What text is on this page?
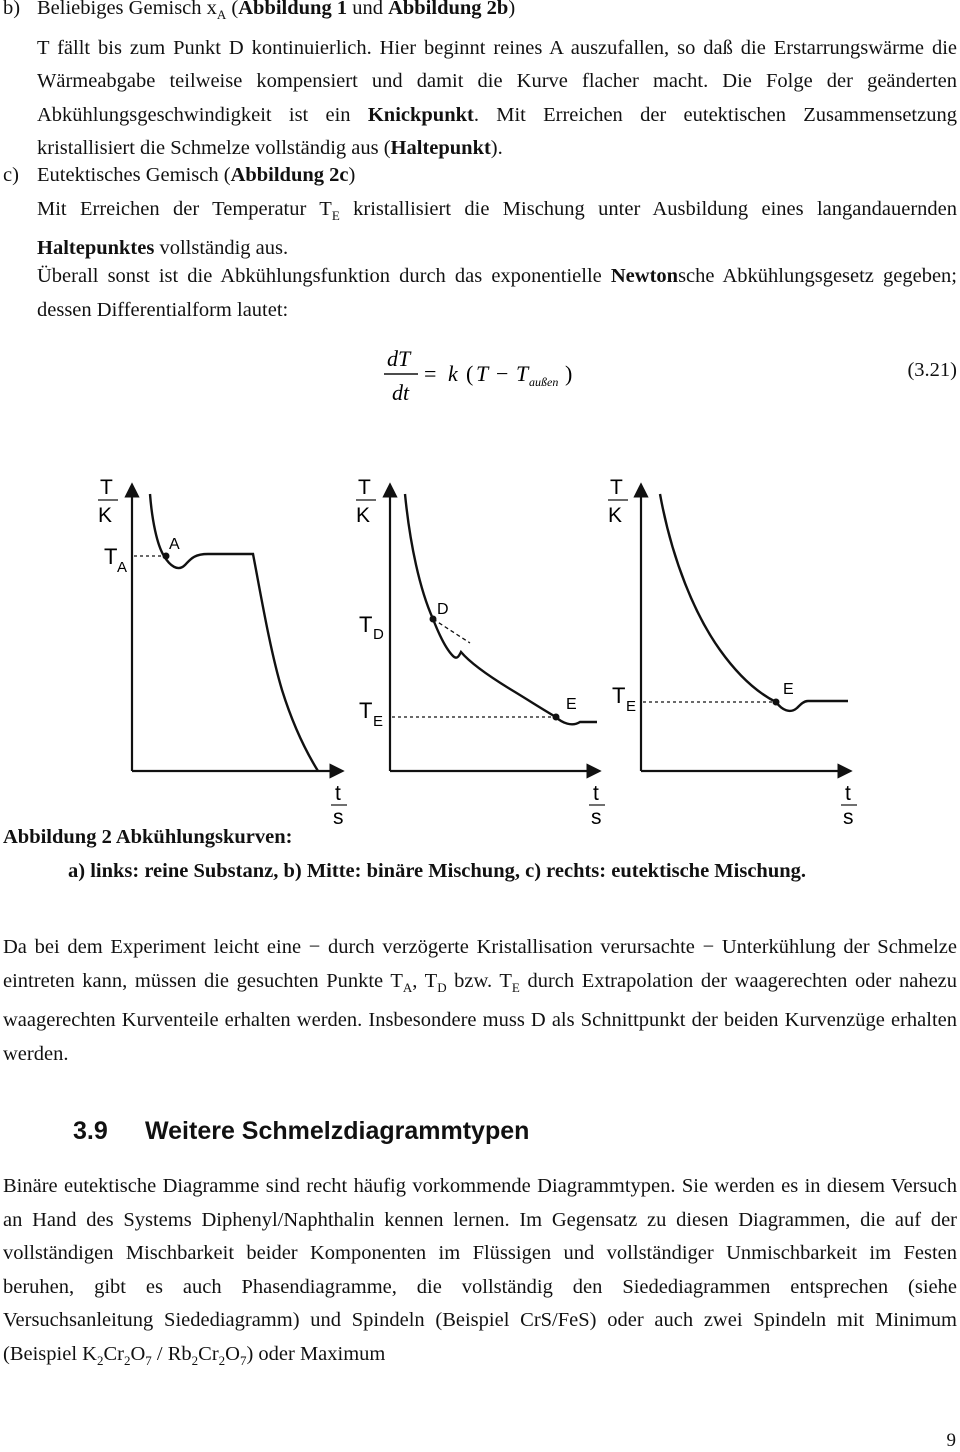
b) Beliebiges Gemisch $x_A$ (Abbildung 1 und Abbildung 2b)

T fällt bis zum Punkt D kontinuierlich. Hier beginnt reines A auszufallen, so daß die Erstarrungswärme die Wärmeabgabe teilweise kompensiert und damit die Kurve flacher macht. Die Folge der geänderten Abkühlungsgeschwindigkeit ist ein Knickpunkt. Mit Erreichen der eutektischen Zusammensetzung kristallisiert die Schmelze vollständig aus (Haltepunkt).

c) Eutektisches Gemisch (Abbildung 2c)

Mit Erreichen der Temperatur $T_E$ kristallisiert die Mischung unter Ausbildung eines langandauernden Haltepunktes vollständig aus.

Überall sonst ist die Abkühlungsfunktion durch das exponentielle Newtonsche Abkühlungsgesetz gegeben; dessen Differentialform lautet:

dT
dt
= k ( T − T außen )	(3.21)
T
K
T A
A
t
s
T
K
T D
T E
D
E
t
s
T
K
T E
E
t
s
Abbildung 2 Abkühlungskurven:
a) links: reine Substanz, b) Mitte: binäre Mischung, c) rechts: eutektische Mischung.

Da bei dem Experiment leicht eine − durch verzögerte Kristallisation verursachte − Unterkühlung der Schmelze eintreten kann, müssen die gesuchten Punkte $T_A$, $T_D$ bzw. $T_E$ durch Extrapolation der waagerechten oder nahezu waagerechten Kurventeile erhalten werden. Insbesondere muss D als Schnittpunkt der beiden Kurvenzüge erhalten werden.

3.9 Weitere Schmelzdiagrammtypen

Binäre eutektische Diagramme sind recht häufig vorkommende Diagrammtypen. Sie werden es in diesem Versuch an Hand des Systems Diphenyl/Naphthalin kennen lernen. Im Gegensatz zu diesen Diagrammen, die auf der vollständigen Mischbarkeit beider Komponenten im Flüssigen und vollständiger Unmischbarkeit im Festen beruhen, gibt es auch Phasendiagramme, die vollständig den Siedediagrammen entsprechen (siehe Versuchsanleitung Siedediagramm) und Spindeln (Beispiel CrS/FeS) oder auch zwei Spindeln mit Minimum (Beispiel $K_2Cr_2O_7 / Rb_2Cr_2O_7$) oder Maximum

9
